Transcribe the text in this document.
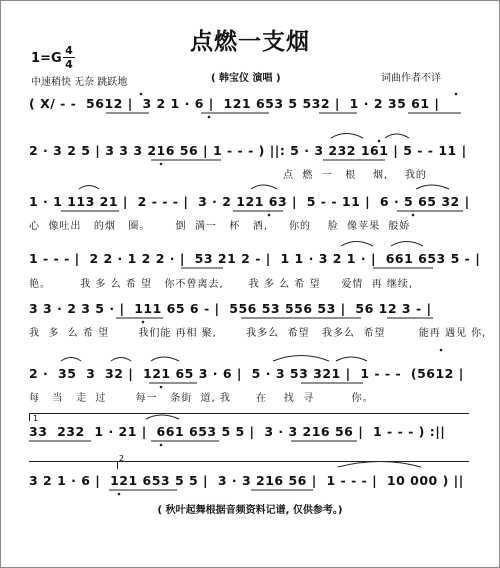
点燃一支烟
1=G
4
4
中速稍快 无奈 跳跃地	( 韩宝仪 演唱 )	词曲作者不详
( X∕ - -  5612 |  3 2 1 · 6 |  121 653 5 532 |  1 · 2 35 61 |
2 · 3 2 5 | 3 3 3 216 56 | 1 - - - ) ||: 5 · 3 232 161 | 5 - - 11 |
点  燃  一   根    烟,    我的
1 · 1 113 21 |  2 - - - |  3 · 2 121 63 |  5 - - 11 |  6 · 5 65 32 |
心  像吐出   的烟   圈。      倒  满一   杯   酒,     你的    脸  像苹果  般娇
1 - - - |  2 2 · 1 2 2 · |  53 21 2 - |  1 1 · 3 2 1 · |  661 653 5 - |
艳。       我 多 么 希 望   你不曾离去,      我 多 么 希 望     爱情  再 继续,
3 3 · 2 3 5 · |  111 65 6 - |  556 53 556 53 |  56 12 3 - |
我  多  么 希 望       我们能 再相 聚,       我多么  希望   我多么  希望        能再 遇见 你,
2 ·  35  3  32 |  121 65 3 · 6 |  5 · 3 53 321 |  1 - - -  (5612 |
每   当   走  过       每一   条街  道, 我      在    找  寻         你。
1
33  232  1 · 21 |  661 653 5 5 |  3 · 3 216 56 |  1 - - - ) :||
2
3 2 1 · 6 |  121 653 5 5 |  3 · 3 216 56 |  1 - - - |  10 000 ) ||
( 秋叶起舞根据音频资料记谱, 仅供参考。)
